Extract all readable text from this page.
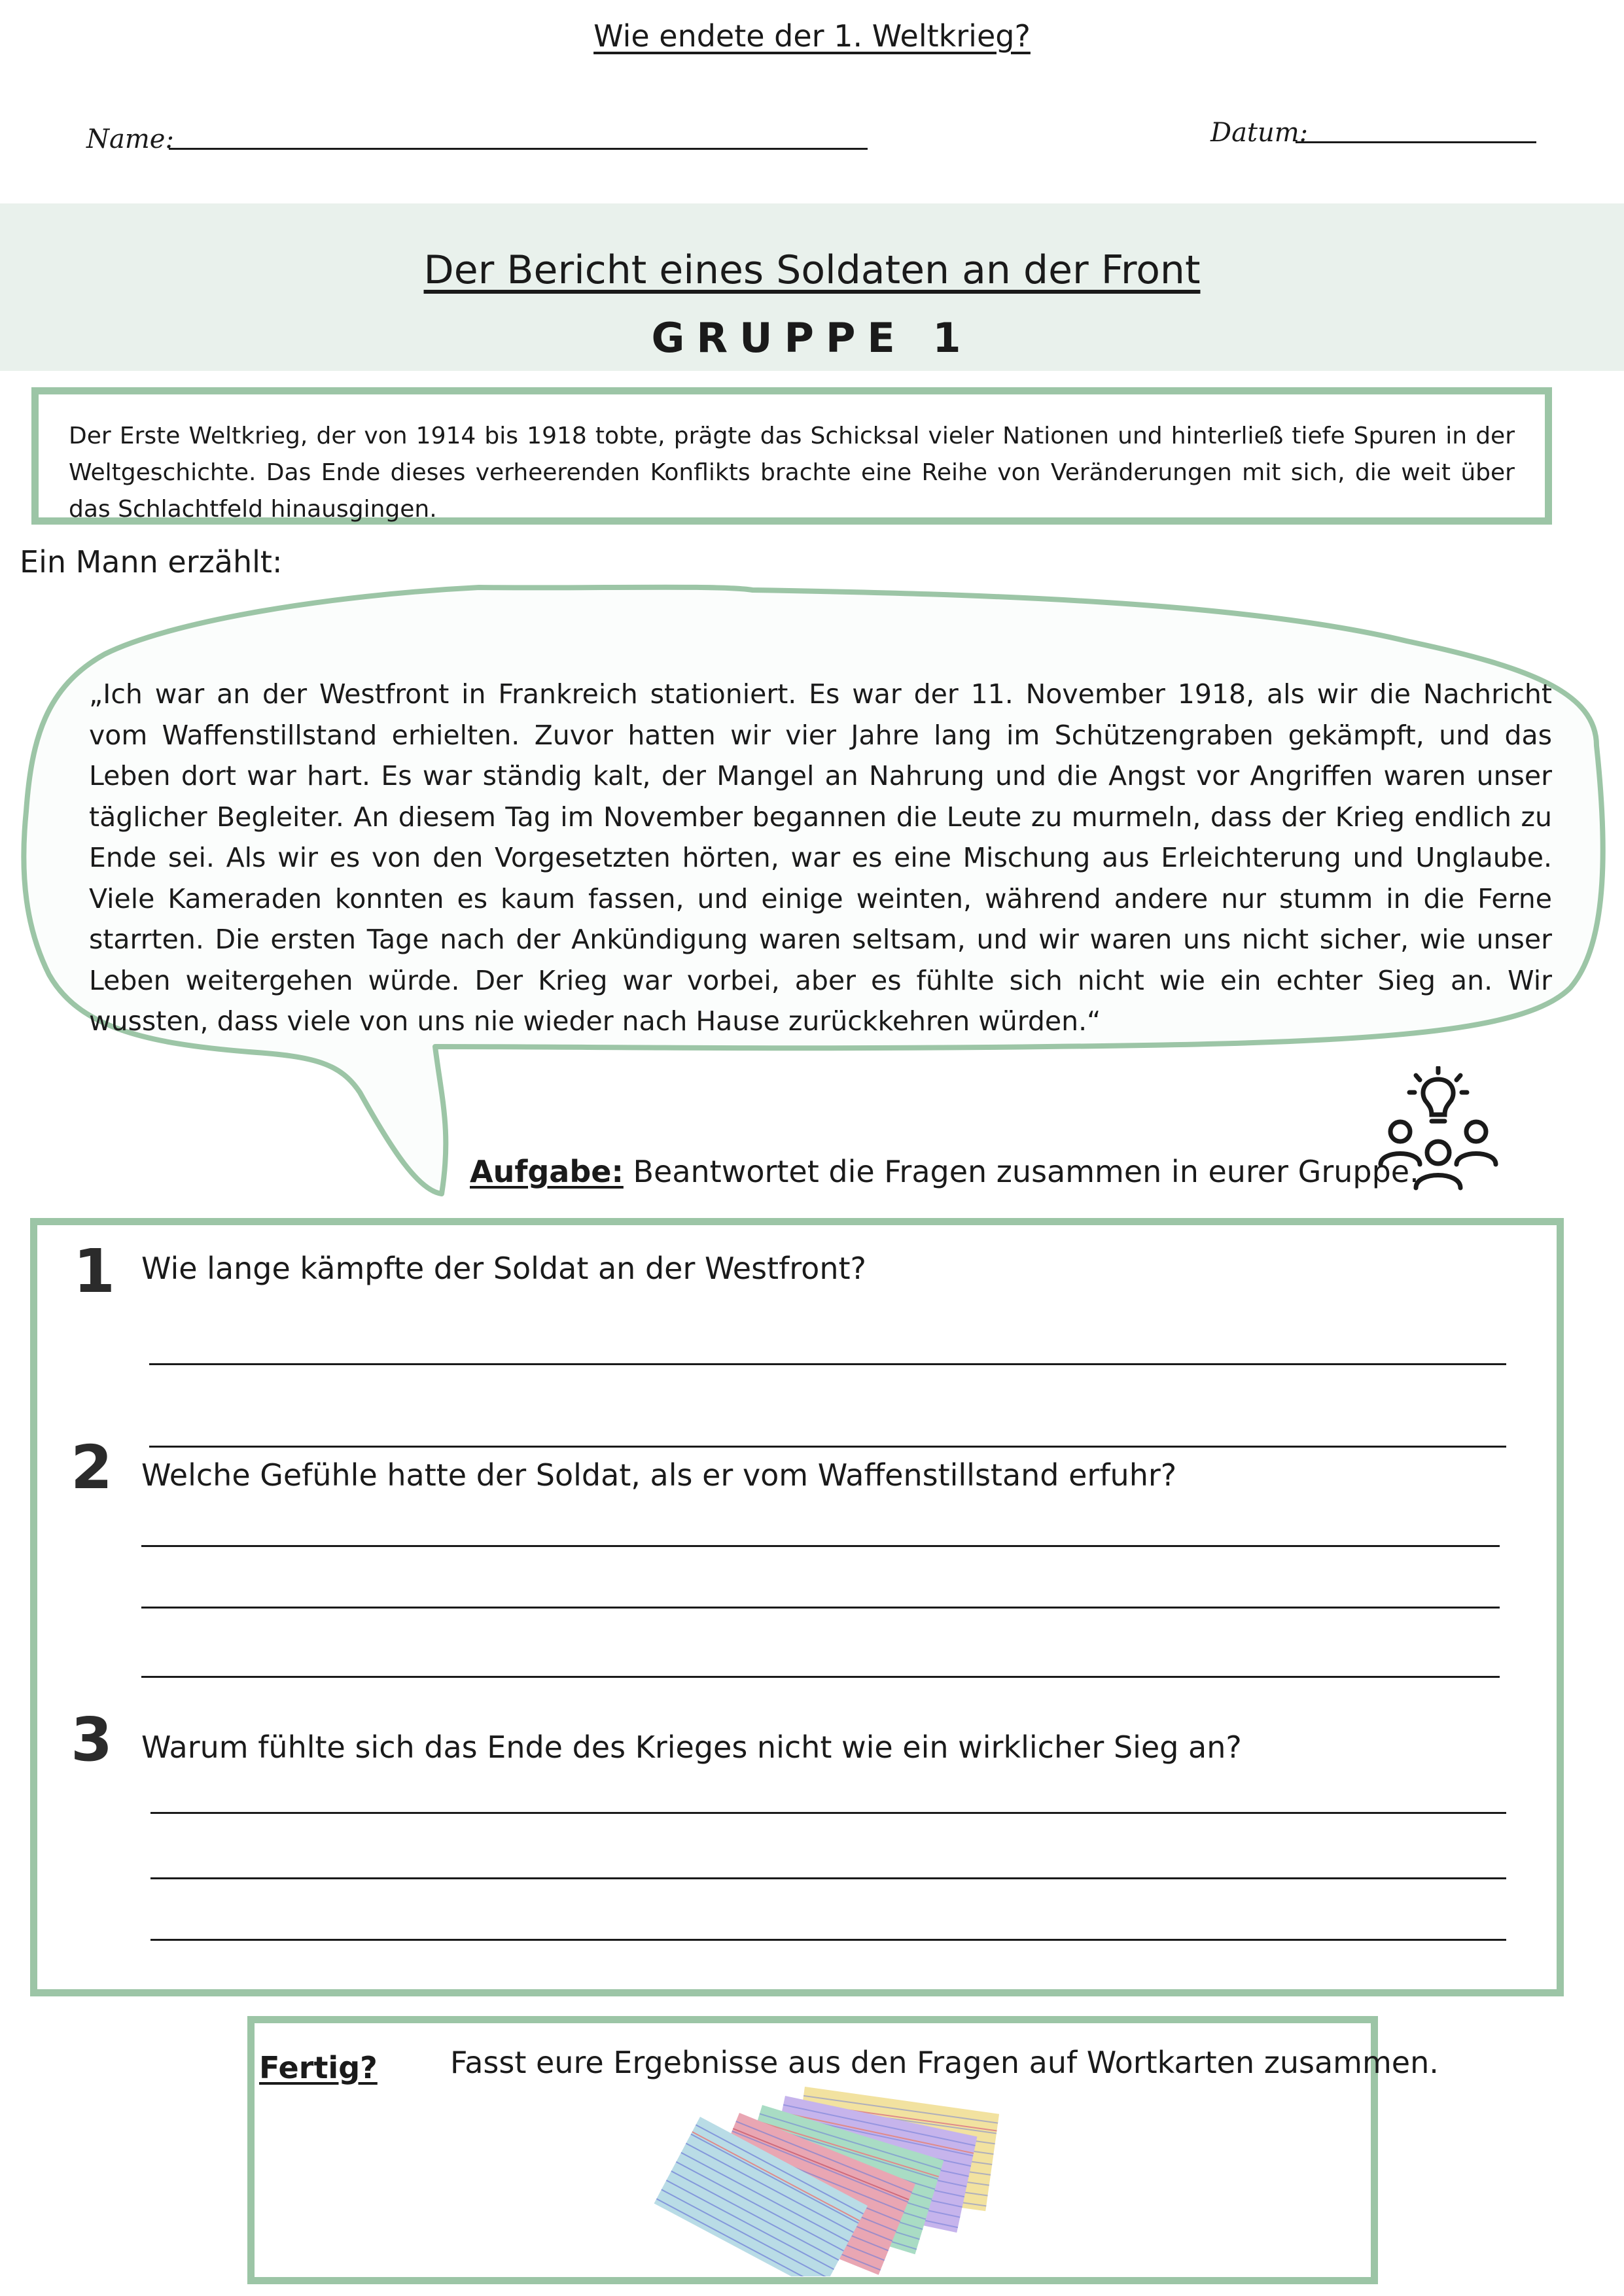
Wie endete der 1. Weltkrieg?
Name:	Datum:
Der Bericht eines Soldaten an der Front
GRUPPE 1
Der Erste Weltkrieg, der von 1914 bis 1918 tobte, prägte das Schicksal vieler Nationen und hinterließ tiefe Spuren in der Weltgeschichte. Das Ende dieses verheerenden Konflikts brachte eine Reihe von Veränderungen mit sich, die weit über das Schlachtfeld hinausgingen.
Ein Mann erzählt:
„Ich war an der Westfront in Frankreich stationiert. Es war der 11. November 1918, als wir die Nachricht vom Waffenstillstand erhielten. Zuvor hatten wir vier Jahre lang im Schützengraben gekämpft, und das Leben dort war hart. Es war ständig kalt, der Mangel an Nahrung und die Angst vor Angriffen waren unser täglicher Begleiter. An diesem Tag im November begannen die Leute zu murmeln, dass der Krieg endlich zu Ende sei. Als wir es von den Vorgesetzten hörten, war es eine Mischung aus Erleichterung und Unglaube. Viele Kameraden konnten es kaum fassen, und einige weinten, während andere nur stumm in die Ferne starrten. Die ersten Tage nach der Ankündigung waren seltsam, und wir waren uns nicht sicher, wie unser Leben weitergehen würde. Der Krieg war vorbei, aber es fühlte sich nicht wie ein echter Sieg an. Wir wussten, dass viele von uns nie wieder nach Hause zurückkehren würden.“
Aufgabe: Beantwortet die Fragen zusammen in eurer Gruppe.
1 Wie lange kämpfte der Soldat an der Westfront?
2 Welche Gefühle hatte der Soldat, als er vom Waffenstillstand erfuhr?
3 Warum fühlte sich das Ende des Krieges nicht wie ein wirklicher Sieg an?
Fertig? Fasst eure Ergebnisse aus den Fragen auf Wortkarten zusammen.
